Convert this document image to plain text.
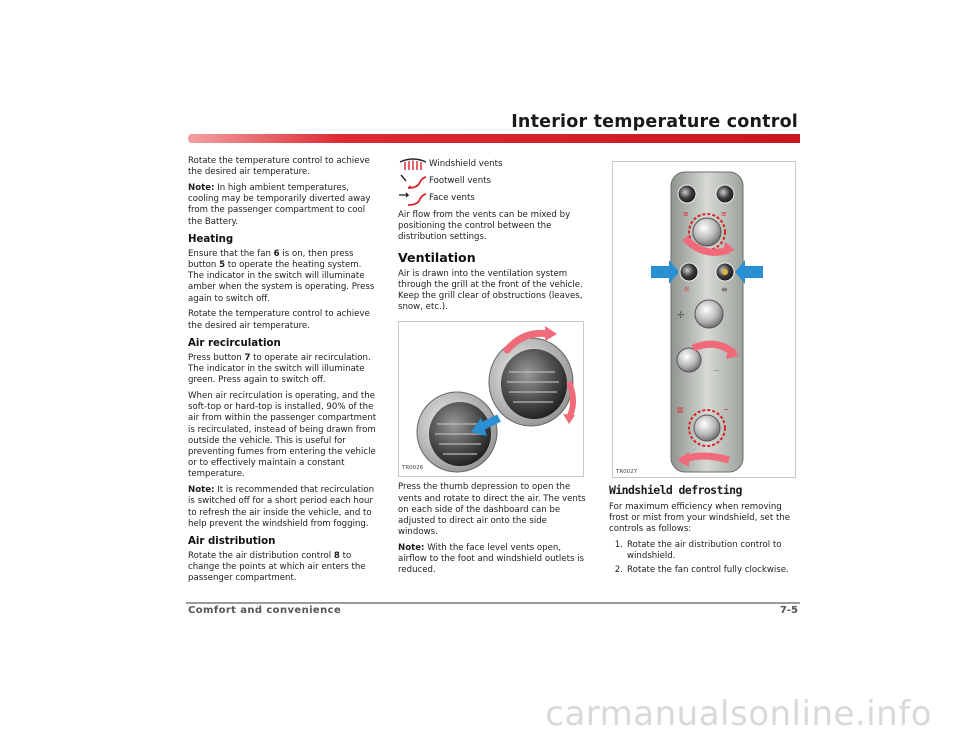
Interior temperature control

Rotate the temperature control to achieve the desired air temperature.

Note: In high ambient temperatures, cooling may be temporarily diverted away from the passenger compartment to cool the Battery.

Heating

Ensure that the fan 6 is on, then press button 5 to operate the heating system. The indicator in the switch will illuminate amber when the system is operating. Press again to switch off.

Rotate the temperature control to achieve the desired air temperature.

Air recirculation

Press button 7 to operate air recirculation. The indicator in the switch will illuminate green. Press again to switch off.

When air recirculation is operating, and the soft-top or hard-top is installed, 90% of the air from within the passenger compartment is recirculated, instead of being drawn from outside the vehicle. This is useful for preventing fumes from entering the vehicle or to effectively maintain a constant temperature.

Note: It is recommended that recirculation is switched off for a short period each hour to refresh the air inside the vehicle, and to help prevent the windshield from fogging.

Air distribution

Rotate the air distribution control 8 to change the points at which air enters the passenger compartment.

Windshield vents
Footwell vents
Face vents

Air flow from the vents can be mixed by positioning the control between the distribution settings.

Ventilation

Air is drawn into the ventilation system through the grill at the front of the vehicle. Keep the grill clear of obstructions (leaves, snow, etc.).

TR0026

Press the thumb depression to open the vents and rotate to direct the air. The vents on each side of the dashboard can be adjusted to direct air onto the side windows.

Note: With the face level vents open, airflow to the foot and windshield outlets is reduced.

≡	≡
☼	≡
✢
⌒
▥	~
TR0027
Windshield defrosting

For maximum efficiency when removing frost or mist from your windshield, set the controls as follows:

1. Rotate the air distribution control to windshield.
2. Rotate the fan control fully clockwise.
Comfort and convenience	7-5
carmanualsonline.info
